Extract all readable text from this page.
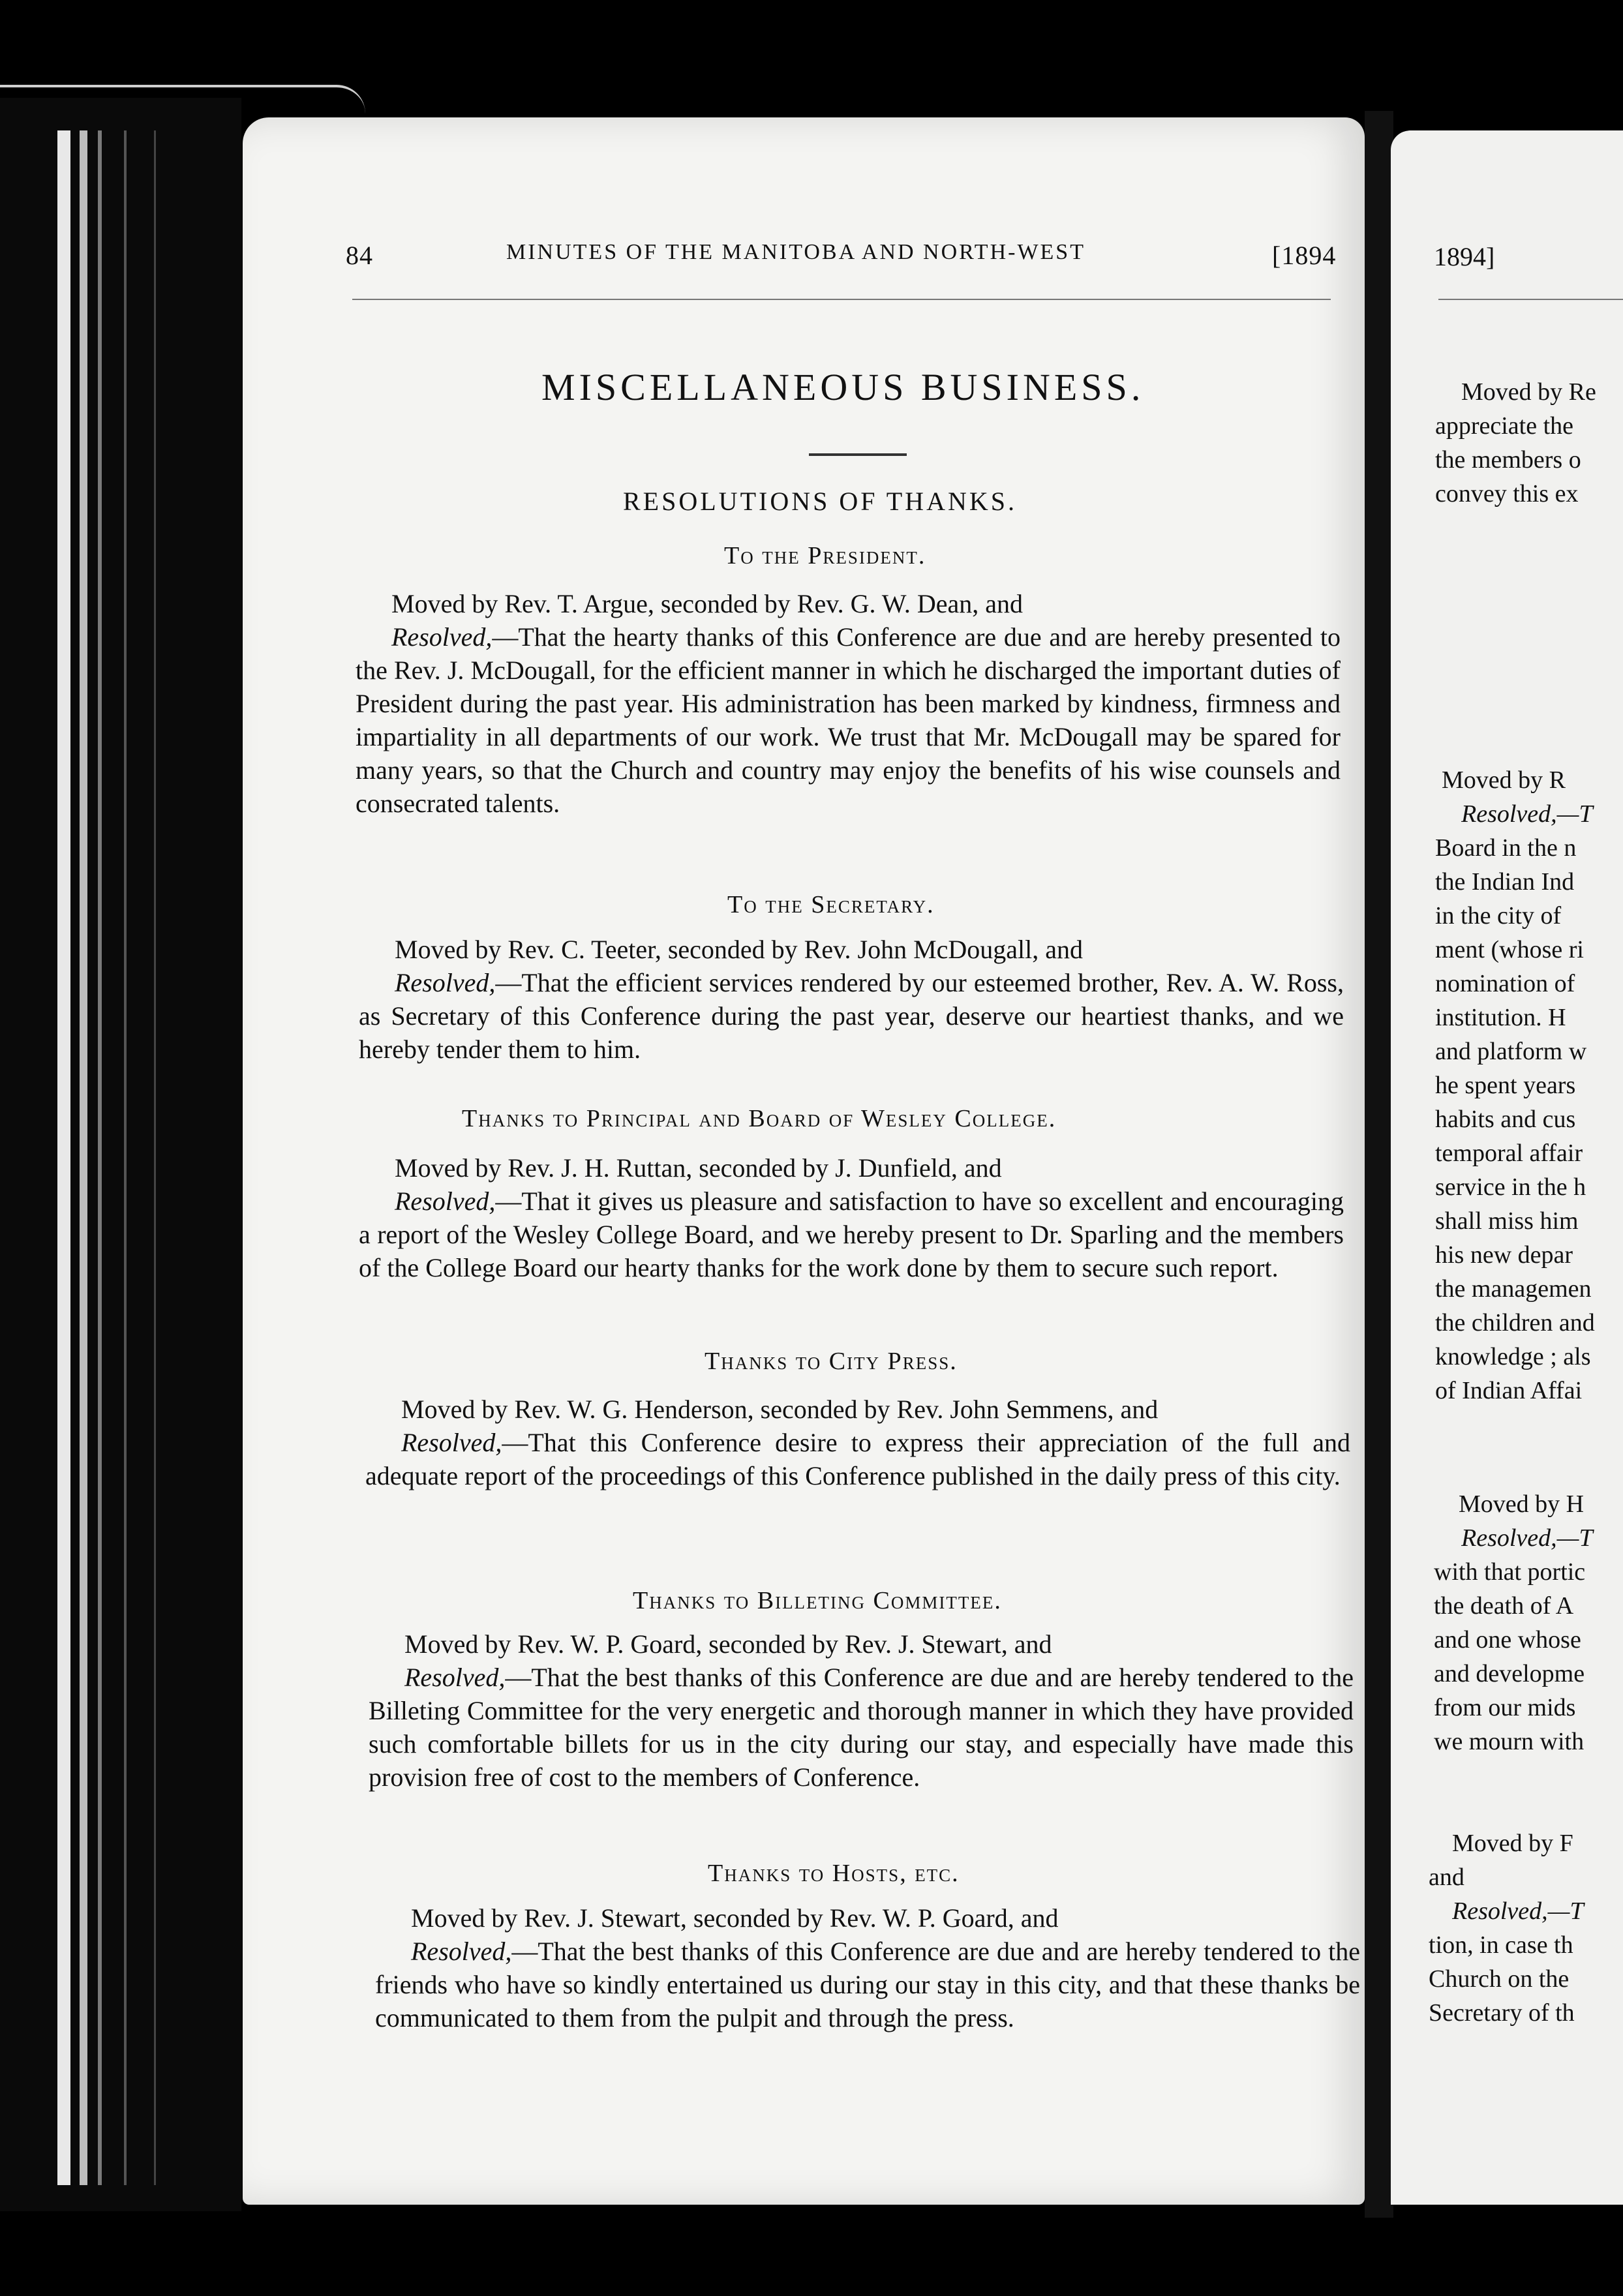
84	MINUTES OF THE MANITOBA AND NORTH-WEST	[1894
MISCELLANEOUS BUSINESS.
RESOLUTIONS OF THANKS.
To the President.

Moved by Rev. T. Argue, seconded by Rev. G. W. Dean, and

Resolved,—That the hearty thanks of this Conference are due and are hereby presented to the Rev. J. McDougall, for the efficient manner in which he discharged the important duties of President during the past year. His administration has been marked by kindness, firmness and impartiality in all departments of our work. We trust that Mr. McDougall may be spared for many years, so that the Church and country may enjoy the benefits of his wise counsels and consecrated talents.

To the Secretary.

Moved by Rev. C. Teeter, seconded by Rev. John McDougall, and

Resolved,—That the efficient services rendered by our esteemed brother, Rev. A. W. Ross, as Secretary of this Conference during the past year, deserve our heartiest thanks, and we hereby tender them to him.

Thanks to Principal and Board of Wesley College.

Moved by Rev. J. H. Ruttan, seconded by J. Dunfield, and

Resolved,—That it gives us pleasure and satisfaction to have so excellent and encouraging a report of the Wesley College Board, and we hereby present to Dr. Sparling and the members of the College Board our hearty thanks for the work done by them to secure such report.

Thanks to City Press.

Moved by Rev. W. G. Henderson, seconded by Rev. John Semmens, and

Resolved,—That this Conference desire to express their appreciation of the full and adequate report of the proceedings of this Conference published in the daily press of this city.

Thanks to Billeting Committee.

Moved by Rev. W. P. Goard, seconded by Rev. J. Stewart, and

Resolved,—That the best thanks of this Conference are due and are hereby tendered to the Billeting Committee for the very energetic and thorough manner in which they have provided such comfortable billets for us in the city during our stay, and especially have made this provision free of cost to the members of Conference.

Thanks to Hosts, etc.

Moved by Rev. J. Stewart, seconded by Rev. W. P. Goard, and

Resolved,—That the best thanks of this Conference are due and are hereby tendered to the friends who have so kindly entertained us during our stay in this city, and that these thanks be communicated to them from the pulpit and through the press.

1894]
Moved by Re
appreciate the
the members o
convey this ex
Moved by R
Resolved,—T
Board in the n
the Indian Ind
in the city of
ment (whose ri
nomination of
institution. H
and platform w
he spent years
habits and cus
temporal affair
service in the h
shall miss him
his new depar
the managemen
the children and
knowledge ; als
of Indian Affai
Moved by H
Resolved,—T
with that portic
the death of A
and one whose
and developme
from our mids
we mourn with
Moved by F
and
Resolved,—T
tion, in case th
Church on the
Secretary of th
